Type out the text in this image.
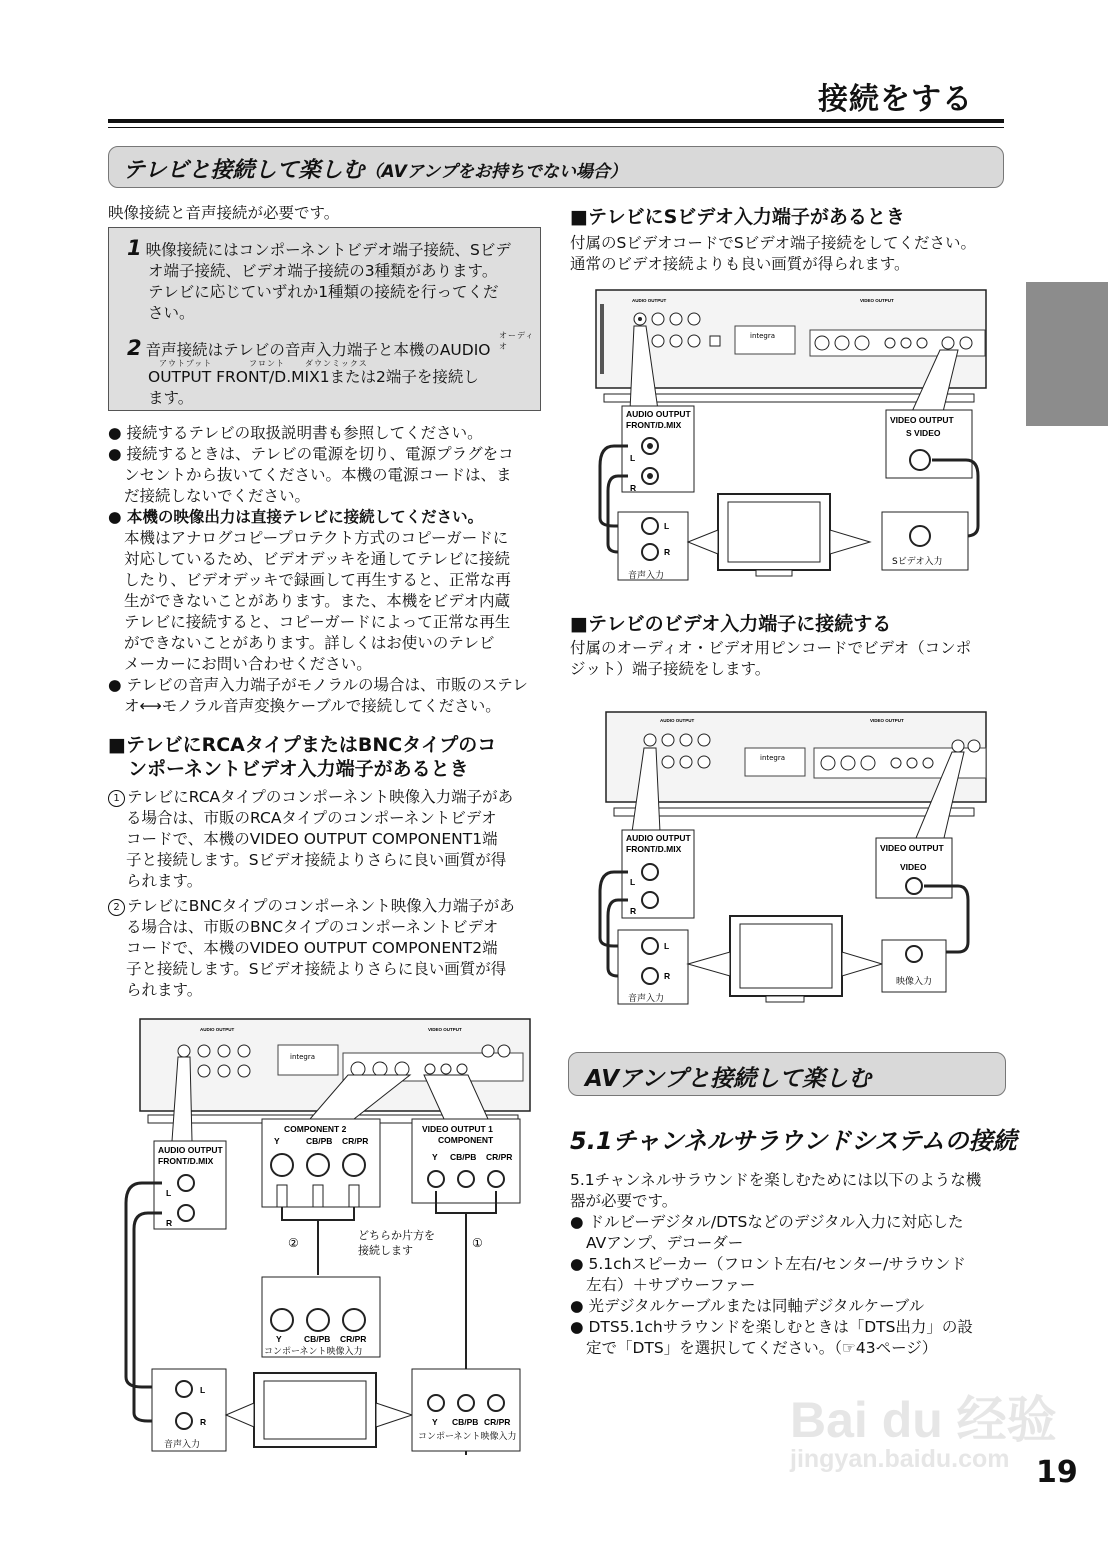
接続をする
テレビと接続して楽しむ（AVアンプをお持ちでない場合）
映像接続と音声接続が必要です。
1 映像接続にはコンポーネントビデオ端子接続、Sビデ
オ端子接続、ビデオ端子接続の3種類があります。
テレビに応じていずれか1種類の接続を行ってくだ
さい。
オーディオ
2 音声接続はテレビの音声入力端子と本機のAUDIO
OUTPUT FRONT/D.MIX1または2端子を接続し
ます。
アウトプット	フロント	ダウンミックス
● 接続するテレビの取扱説明書も参照してください。
● 接続するときは、テレビの電源を切り、電源プラグをコ
ンセントから抜いてください。本機の電源コードは、ま
だ接続しないでください。
● 本機の映像出力は直接テレビに接続してください。
本機はアナログコピープロテクト方式のコピーガードに
対応しているため、ビデオデッキを通してテレビに接続
したり、ビデオデッキで録画して再生すると、正常な再
生ができないことがあります。また、本機をビデオ内蔵
テレビに接続すると、コピーガードによって正常な再生
ができないことがあります。詳しくはお使いのテレビ
メーカーにお問い合わせください。
● テレビの音声入力端子がモノラルの場合は、市販のステレ
オ⟷モノラル音声変換ケーブルで接続してください。
■テレビにRCAタイプまたはBNCタイプのコ
ンポーネントビデオ入力端子があるとき
1 テレビにRCAタイプのコンポーネント映像入力端子があ
る場合は、市販のRCAタイプのコンポーネントビデオ
コードで、本機のVIDEO OUTPUT COMPONENT1端
子と接続します。Sビデオ接続よりさらに良い画質が得
られます。
2 テレビにBNCタイプのコンポーネント映像入力端子があ
る場合は、市販のBNCタイプのコンポーネントビデオ
コードで、本機のVIDEO OUTPUT COMPONENT2端
子と接続します。Sビデオ接続よりさらに良い画質が得
られます。
■テレビにSビデオ入力端子があるとき
付属のSビデオコードでSビデオ端子接続をしてください。
通常のビデオ接続よりも良い画質が得られます。
AUDIO OUTPUT	VIDEO OUTPUT
integra
AUDIO OUTPUT
FRONT/D.MIX
L
R
VIDEO OUTPUT
S VIDEO
L
R
音声入力
Sビデオ入力
■テレビのビデオ入力端子に接続する
付属のオーディオ・ビデオ用ピンコードでビデオ（コンポ
ジット）端子接続をします。
AUDIO OUTPUT	VIDEO OUTPUT
integra
AUDIO OUTPUT
FRONT/D.MIX
L
R
VIDEO OUTPUT
VIDEO
L
R
音声入力
映像入力
AUDIO OUTPUT	VIDEO OUTPUT
integra
AUDIO OUTPUT
FRONT/D.MIX
L
R
COMPONENT 2
Y	CB/PB CR/PR
VIDEO OUTPUT 1
COMPONENT
Y CB/PB CR/PR
②	①
どちらか片方を
接続します
Y	CB/PB CR/PR
コンポーネント映像入力
L
R
音声入力
Y CB/PB CR/PR
コンポーネント映像入力
AVアンプと接続して楽しむ
5.1チャンネルサラウンドシステムの接続
5.1チャンネルサラウンドを楽しむためには以下のような機
器が必要です。
● ドルビーデジタル/DTSなどのデジタル入力に対応した
AVアンプ、デコーダー
● 5.1chスピーカー（フロント左右/センター/サラウンド
左右）＋サブウーファー
● 光デジタルケーブルまたは同軸デジタルケーブル
● DTS5.1chサラウンドを楽しむときは「DTS出力」の設
定で「DTS」を選択してください。（☞43ページ）
Bai du 经验
jingyan.baidu.com 19
